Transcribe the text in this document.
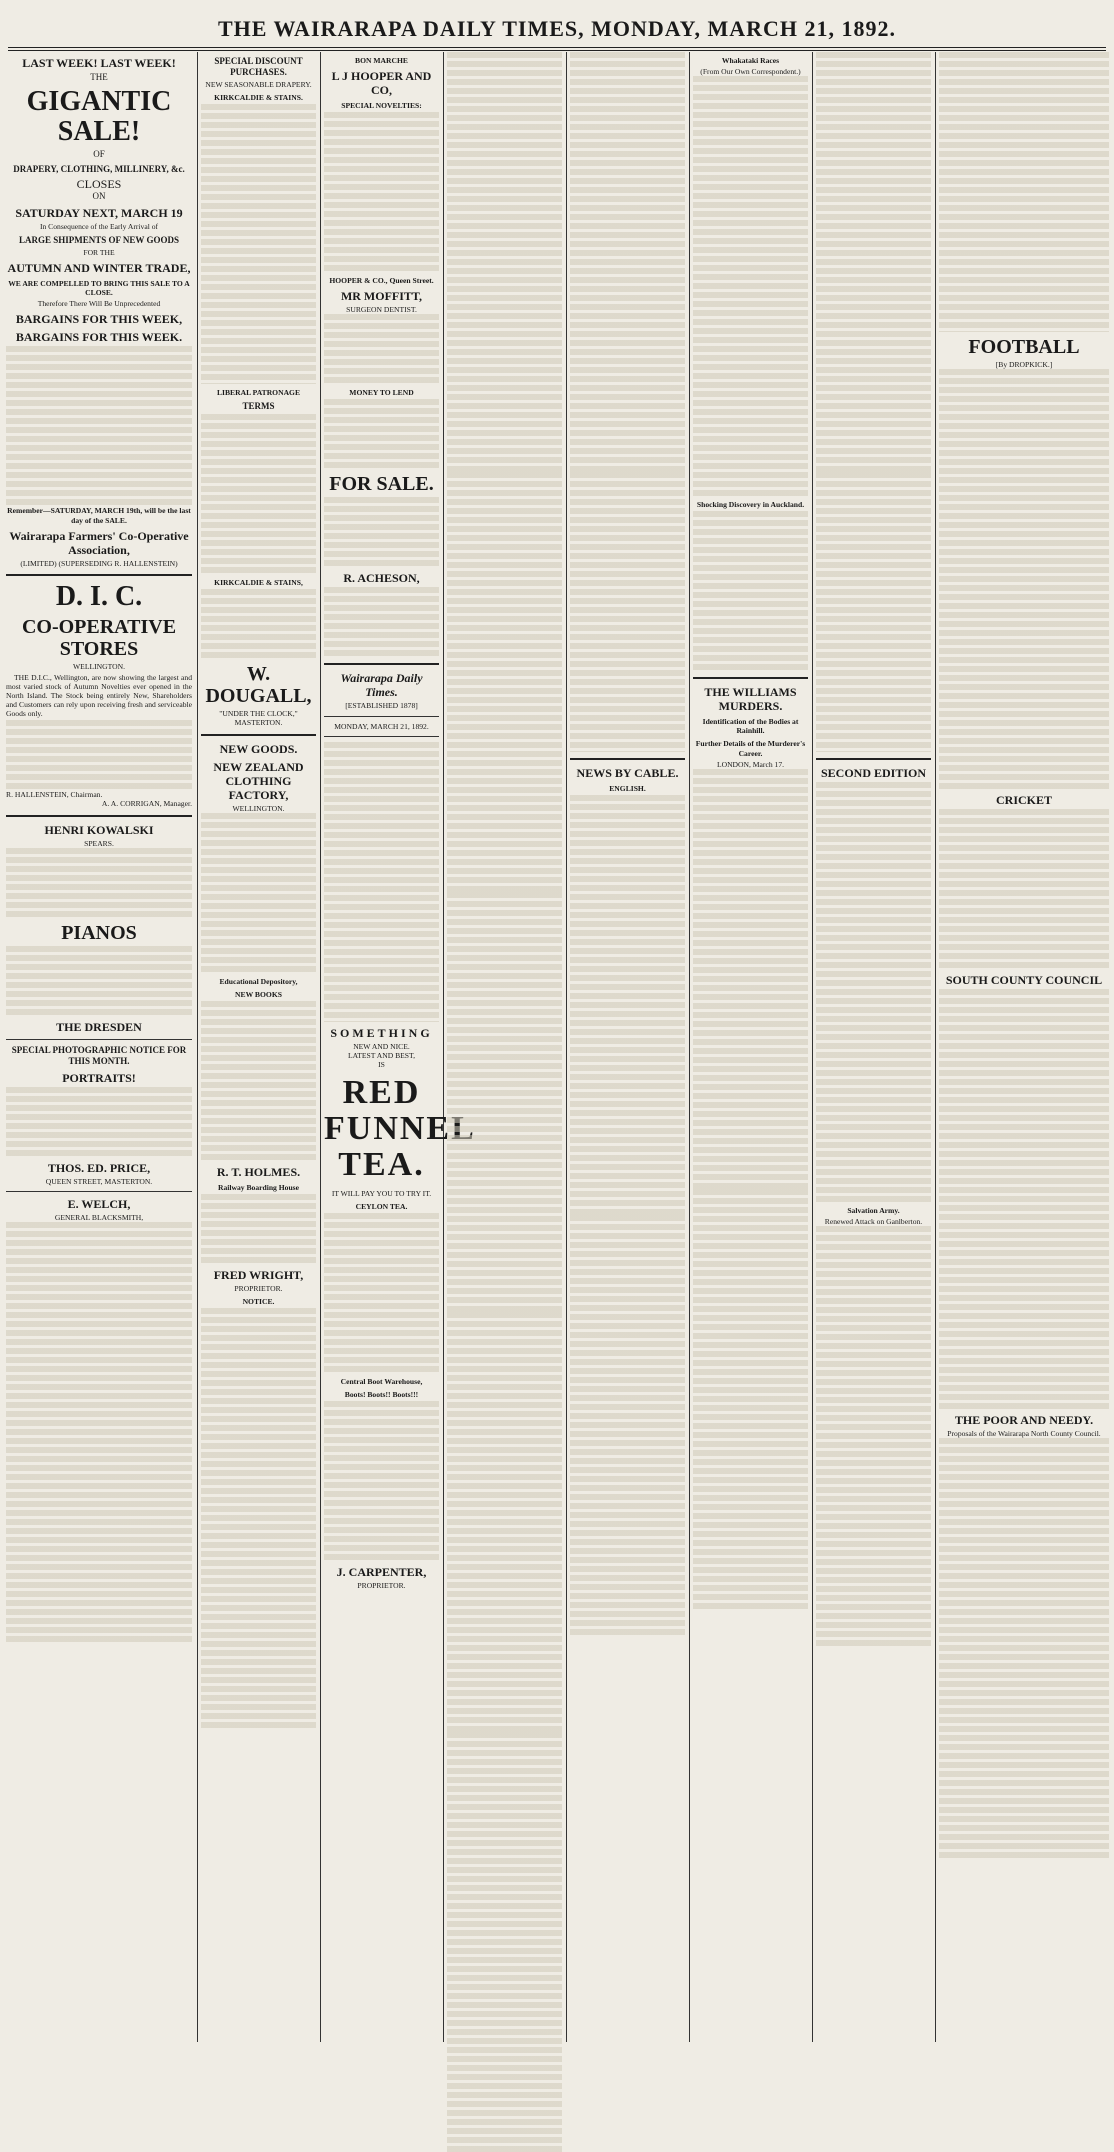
THE WAIRARAPA DAILY TIMES, MONDAY, MARCH 21, 1892.
LAST WEEK! LAST WEEK!
THE
GIGANTIC SALE!
OF
DRAPERY, CLOTHING, MILLINERY, &c.
CLOSES
ON
SATURDAY NEXT, MARCH 19
In Consequence of the Early Arrival of
LARGE SHIPMENTS OF NEW GOODS
FOR THE
AUTUMN AND WINTER TRADE,
WE ARE COMPELLED TO BRING THIS SALE TO A CLOSE.
Therefore There Will Be Unprecedented
BARGAINS FOR THIS WEEK,
BARGAINS FOR THIS WEEK.
Remember—SATURDAY, MARCH 19th, will be the last day of the SALE.
Wairarapa Farmers' Co-Operative Association,
(LIMITED) (SUPERSEDING R. HALLENSTEIN)
D. I. C.
CO-OPERATIVE STORES
WELLINGTON.
THE D.I.C., Wellington, are now showing the largest and most varied stock of Autumn Novelties ever opened in the North Island. The Stock being entirely New, Shareholders and Customers can rely upon receiving fresh and serviceable Goods only.
R. HALLENSTEIN, Chairman.
A. A. CORRIGAN, Manager.
HENRI KOWALSKI
SPEARS.
PIANOS
THE DRESDEN
SPECIAL PHOTOGRAPHIC NOTICE FOR THIS MONTH.
PORTRAITS!
THOS. ED. PRICE,
QUEEN STREET, MASTERTON.
E. WELCH,
GENERAL BLACKSMITH,
SPECIAL DISCOUNT PURCHASES.
NEW SEASONABLE DRAPERY.
KIRKCALDIE & STAINS.
LIBERAL PATRONAGE
TERMS
KIRKCALDIE & STAINS,
W. DOUGALL,
"UNDER THE CLOCK," MASTERTON.
NEW GOODS.
NEW ZEALAND CLOTHING FACTORY,
WELLINGTON.
Educational Depository,
NEW BOOKS
R. T. HOLMES.
Railway Boarding House
FRED WRIGHT,
PROPRIETOR.
NOTICE.
BON MARCHE
L J HOOPER AND CO,
SPECIAL NOVELTIES:
HOOPER & CO., Queen Street.
MR MOFFITT,
SURGEON DENTIST.
MONEY TO LEND
FOR SALE.
R. ACHESON,
Wairarapa Daily Times.
[ESTABLISHED 1878]
MONDAY, MARCH 21, 1892.
SOMETHING
NEW AND NICE.
LATEST AND BEST,
IS
RED FUNNEL TEA.
IT WILL PAY YOU TO TRY IT.
CEYLON TEA.
Central Boot Warehouse,
Boots! Boots!! Boots!!!
J. CARPENTER,
PROPRIETOR.
NEWS BY CABLE.
ENGLISH.
Whakataki Races
(From Our Own Correspondent.)
Shocking Discovery in Auckland.
THE WILLIAMS MURDERS.
Identification of the Bodies at Rainhill.
Further Details of the Murderer's Career.
LONDON, March 17.
SECOND EDITION
Salvation Army.
Renewed Attack on Ganlberton.
FOOTBALL
[By DROPKICK.]
CRICKET
SOUTH COUNTY COUNCIL
THE POOR AND NEEDY.
Proposals of the Wairarapa North County Council.
